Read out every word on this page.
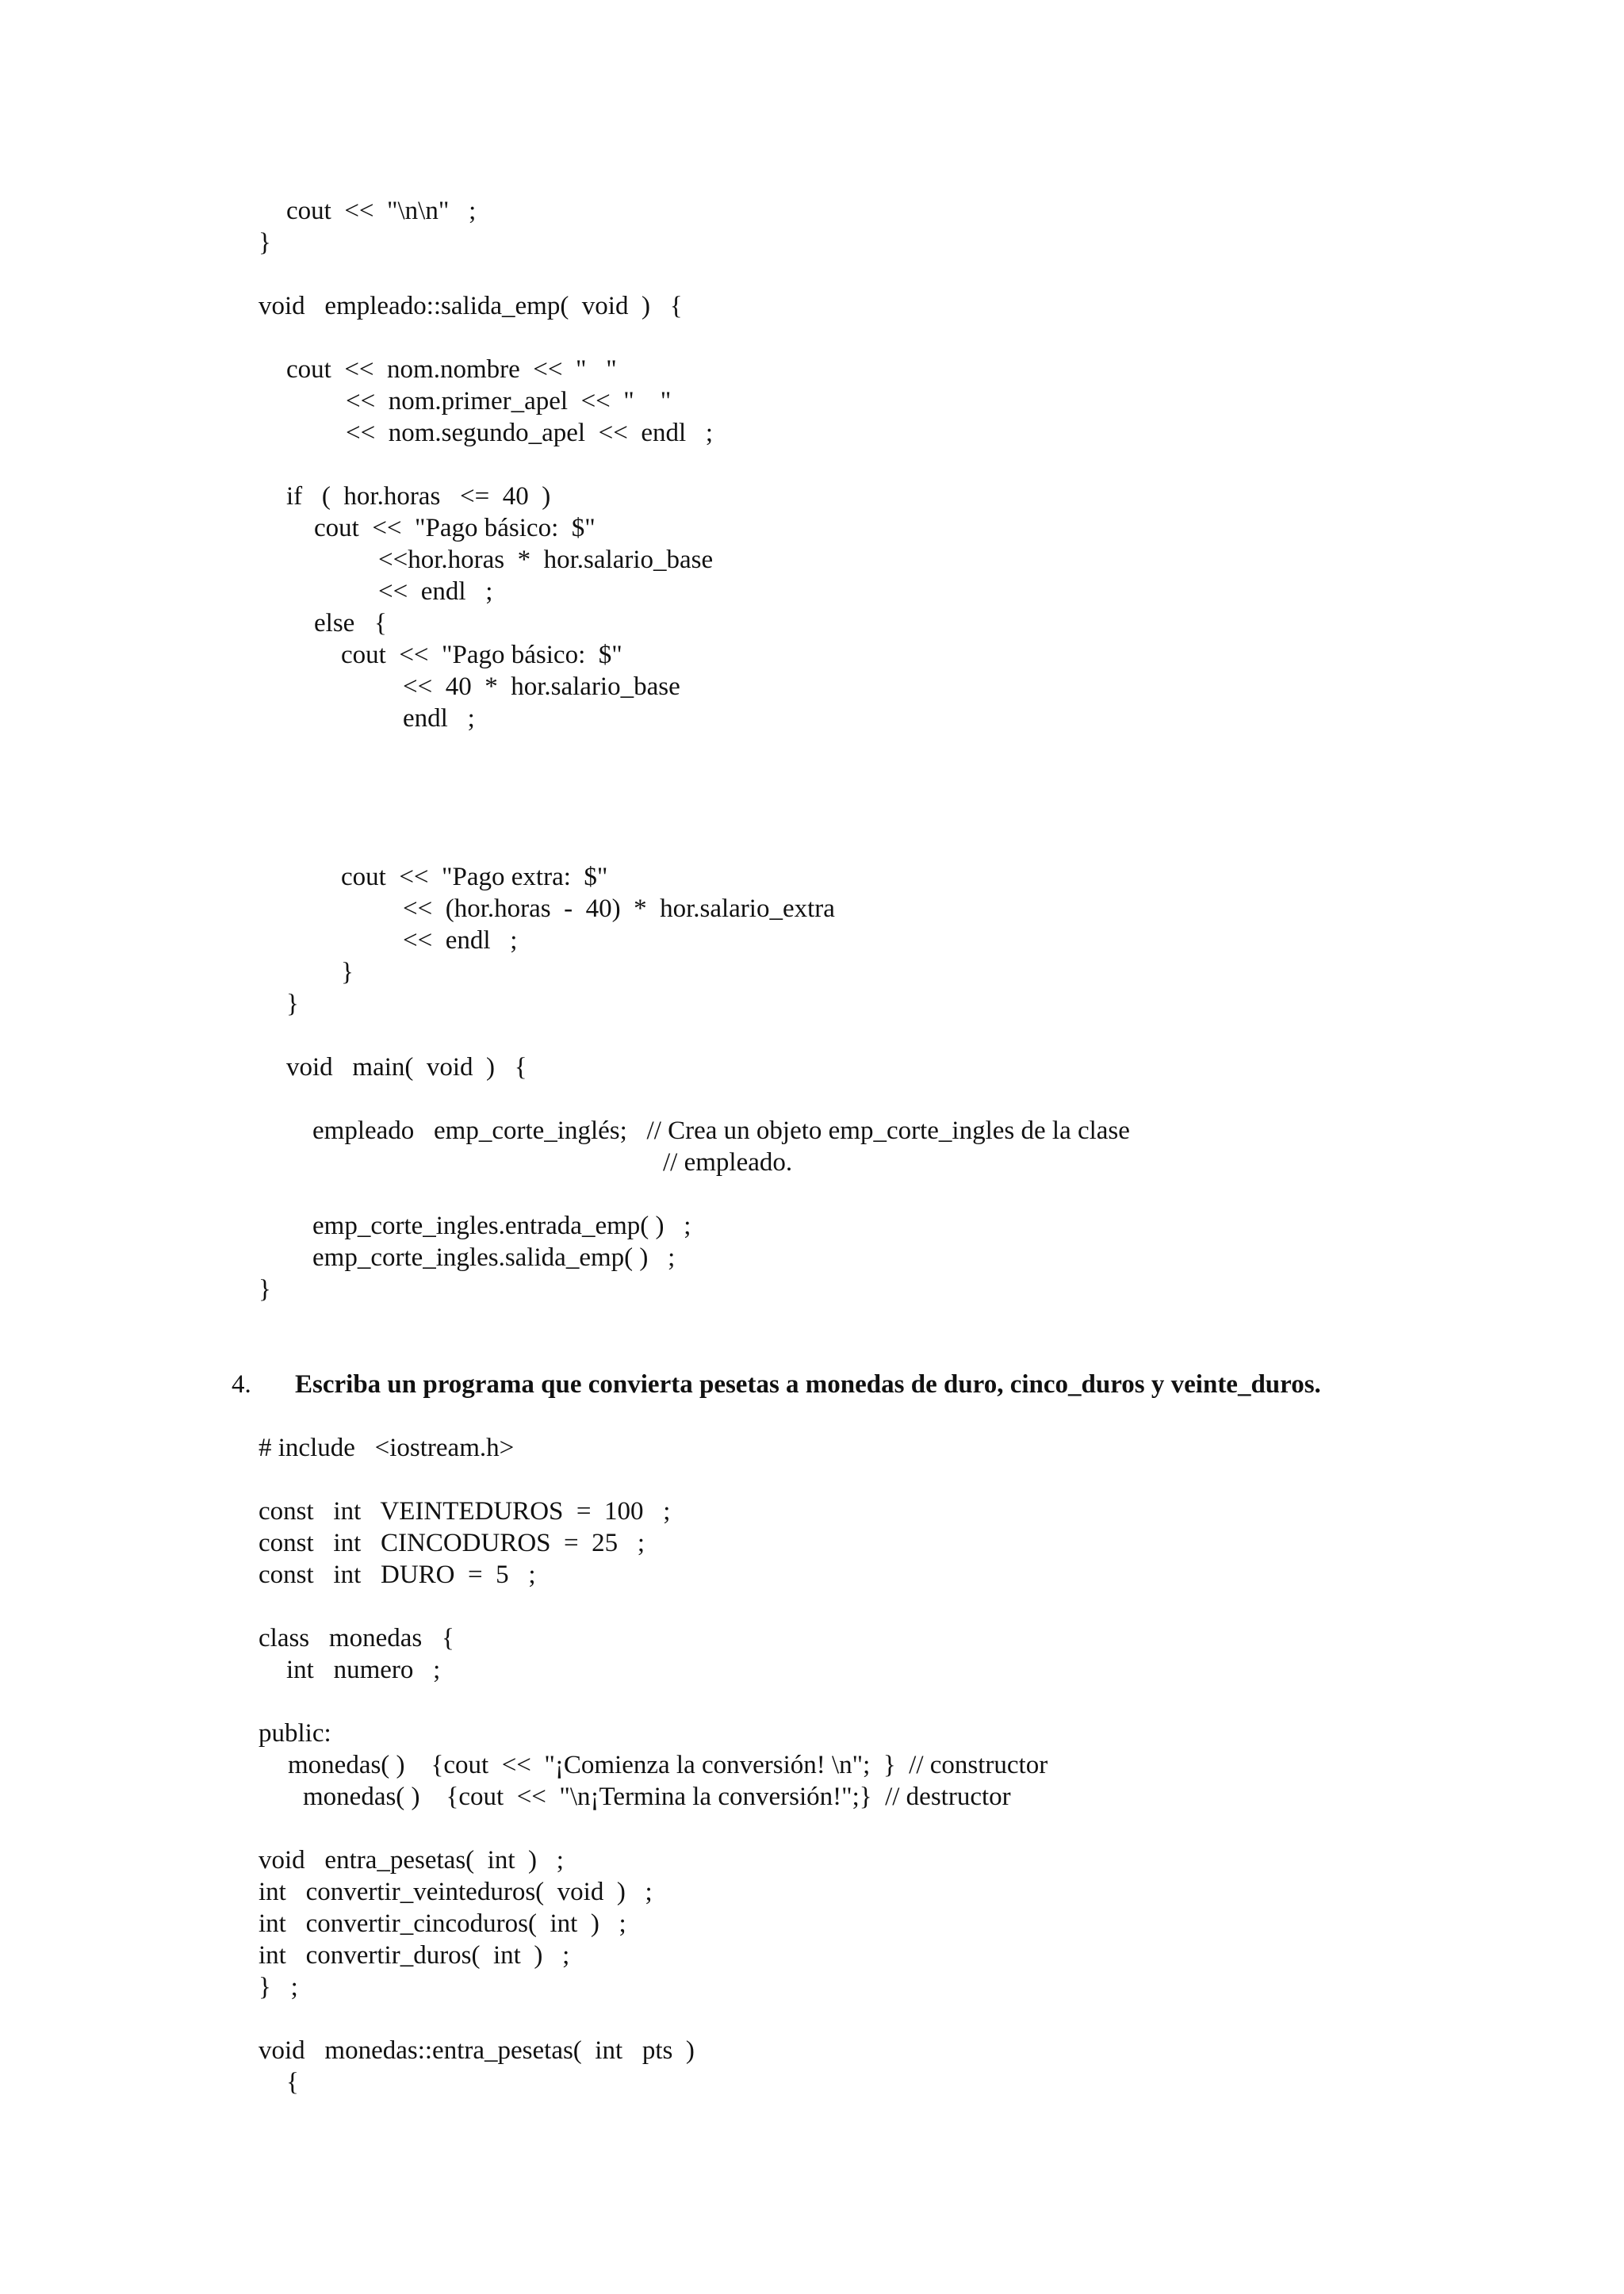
cout  <<  "\n\n"   ;
}
void   empleado::salida_emp(  void  )   {
cout  <<  nom.nombre  <<  "   "
<<  nom.primer_apel  <<  "    "
<<  nom.segundo_apel  <<  endl   ;
if   (  hor.horas   <=  40  )
cout  <<  "Pago básico:  $"
<<hor.horas  *  hor.salario_base
<<  endl   ;
else   {
cout  <<  "Pago básico:  $"
<<  40  *  hor.salario_base
endl   ;
cout  <<  "Pago extra:  $"
<<  (hor.horas  -  40)  *  hor.salario_extra
<<  endl   ;
}
}
void   main(  void  )   {
empleado   emp_corte_inglés;   // Crea un objeto emp_corte_ingles de la clase
// empleado.
emp_corte_ingles.entrada_emp( )   ;
emp_corte_ingles.salida_emp( )   ;
}
4. Escriba un programa que convierta pesetas a monedas de duro, cinco_duros y veinte_duros.
# include   <iostream.h>
const   int   VEINTEDUROS  =  100   ;
const   int   CINCODUROS  =  25   ;
const   int   DURO  =  5   ;
class   monedas   {
int   numero   ;
public:
monedas( )    {cout  <<  "¡Comienza la conversión! \n";  }  // constructor
monedas( )    {cout  <<  "\n¡Termina la conversión!";}  // destructor
void   entra_pesetas(  int  )   ;
int   convertir_veinteduros(  void  )   ;
int   convertir_cincoduros(  int  )   ;
int   convertir_duros(  int  )   ;
}   ;
void   monedas::entra_pesetas(  int   pts  )
{
